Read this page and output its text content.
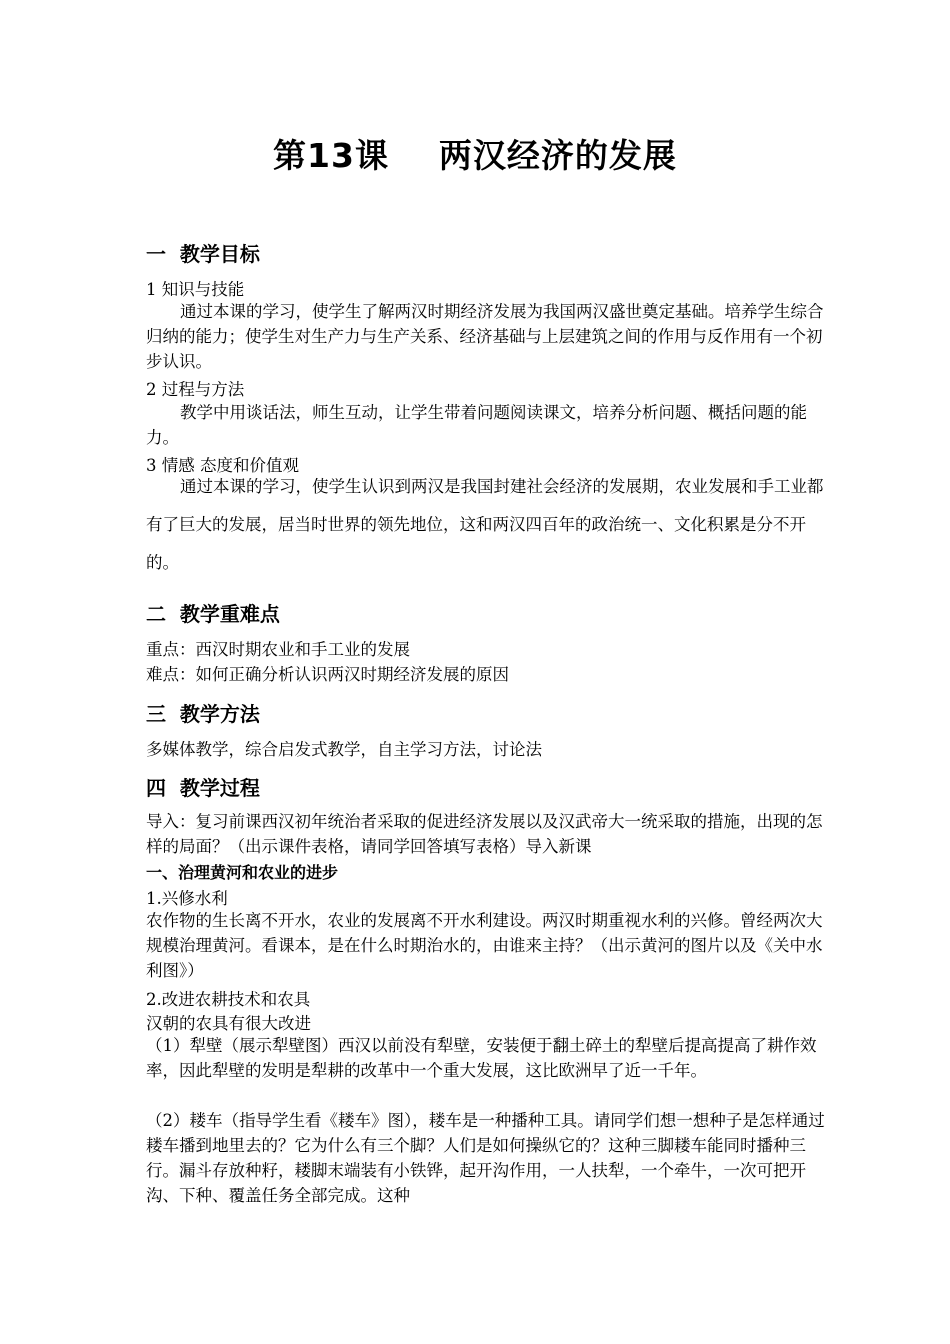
第13课    两汉经济的发展
一  教学目标
1 知识与技能
通过本课的学习，使学生了解两汉时期经济发展为我国两汉盛世奠定基础。培养学生综合归纳的能力；使学生对生产力与生产关系、经济基础与上层建筑之间的作用与反作用有一个初步认识。
2 过程与方法
教学中用谈话法，师生互动，让学生带着问题阅读课文，培养分析问题、概括问题的能力。
3 情感 态度和价值观
通过本课的学习，使学生认识到两汉是我国封建社会经济的发展期，农业发展和手工业都有了巨大的发展，居当时世界的领先地位，这和两汉四百年的政治统一、文化积累是分不开的。
二  教学重难点
重点：西汉时期农业和手工业的发展
难点：如何正确分析认识两汉时期经济发展的原因
三  教学方法
多媒体教学，综合启发式教学，自主学习方法，讨论法
四  教学过程
导入：复习前课西汉初年统治者采取的促进经济发展以及汉武帝大一统采取的措施，出现的怎样的局面？（出示课件表格，请同学回答填写表格）导入新课
一、治理黄河和农业的进步
1.兴修水利
农作物的生长离不开水，农业的发展离不开水利建设。两汉时期重视水利的兴修。曾经两次大规模治理黄河。看课本，是在什么时期治水的，由谁来主持？（出示黄河的图片以及《关中水利图》）
2.改进农耕技术和农具
汉朝的农具有很大改进
（1）犁壁（展示犁壁图）西汉以前没有犁壁，安装便于翻土碎土的犁壁后提高提高了耕作效率，因此犁壁的发明是犁耕的改革中一个重大发展，这比欧洲早了近一千年。
（2）耧车（指导学生看《耧车》图），耧车是一种播种工具。请同学们想一想种子是怎样通过耧车播到地里去的？它为什么有三个脚？人们是如何操纵它的？这种三脚耧车能同时播种三行。漏斗存放种籽，耧脚末端装有小铁铧，起开沟作用，一人扶犁，一个牵牛，一次可把开沟、下种、覆盖任务全部完成。这种
